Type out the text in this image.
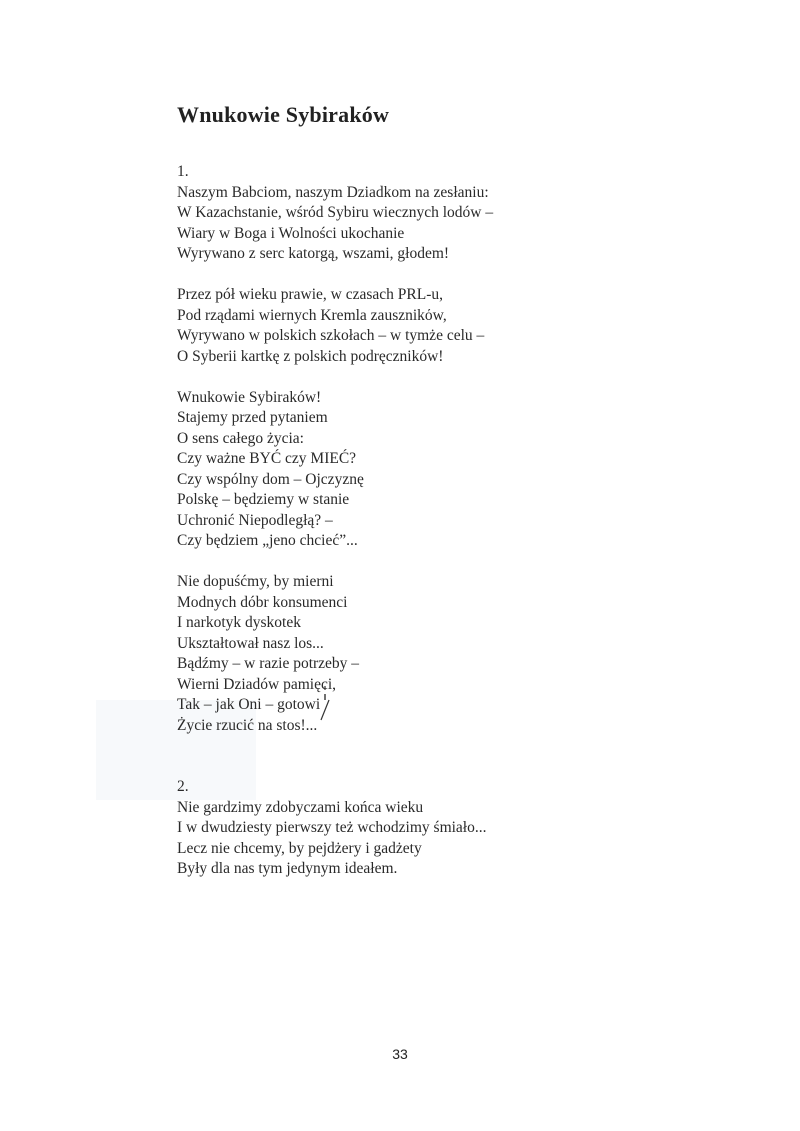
Wnukowie Sybiraków
1.
Naszym Babciom, naszym Dziadkom na zesłaniu:
W Kazachstanie, wśród Sybiru wiecznych lodów –
Wiary w Boga i Wolności ukochanie
Wyrywano z serc katorgą, wszami, głodem!
Przez pół wieku prawie, w czasach PRL-u,
Pod rządami wiernych Kremla zausznikόw,
Wyrywano w polskich szkołach – w tymże celu –
O Syberii kartkę z polskich podręczników!
Wnukowie Sybiraków!
Stajemy przed pytaniem
O sens całego życia:
Czy ważne BYĆ czy MIEĆ?
Czy wspólny dom – Ojczyznę
Polskę – będziemy w stanie
Uchronić Niepodległą? –
Czy będziem „jeno chcieć”...
Nie dopuśćmy, by mierni
Modnych dóbr konsumenci
I narkotyk dyskotek
Ukształtował nasz los...
Bądźmy – w razie potrzeby –
Wierni Dziadów pamięci,
Tak – jak Oni – gotowi
Życie rzucić na stos!...
2.
Nie gardzimy zdobyczami końca wieku
I w dwudziesty pierwszy też wchodzimy śmiało...
Lecz nie chcemy, by pejdżery i gadżety
Były dla nas tym jedynym ideałem.
33
